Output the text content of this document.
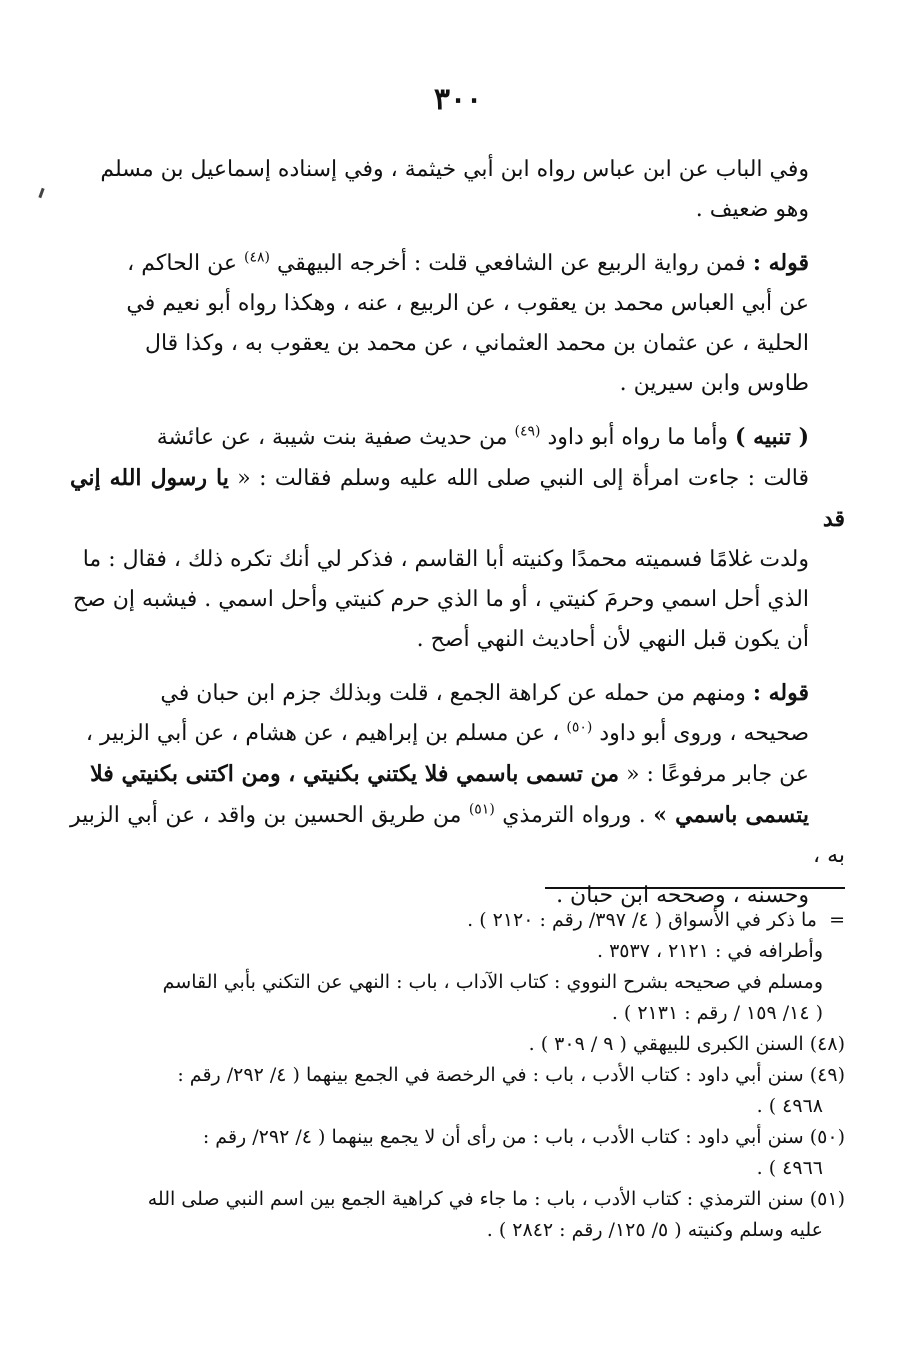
٣٠٠
وفي الباب عن ابن عباس رواه ابن أبي خيثمة ، وفي إسناده إسماعيل بن مسلم
وهو ضعيف .
قوله : فمن رواية الربيع عن الشافعي قلت : أخرجه البيهقي $^{(٤٨)}$ عن الحاكم ،
عن أبي العباس محمد بن يعقوب ، عن الربيع ، عنه ، وهكذا رواه أبو نعيم في
الحلية ، عن عثمان بن محمد العثماني ، عن محمد بن يعقوب به ، وكذا قال
طاوس وابن سيرين .
( تنبيه ) وأما ما رواه أبو داود $^{(٤٩)}$ من حديث صفية بنت شيبة ، عن عائشة
قالت : جاءت امرأة إلى النبي صلى الله عليه وسلم فقالت : « يا رسول الله إني قد
ولدت غلامًا فسميته محمدًا وكنيته أبا القاسم ، فذكر لي أنك تكره ذلك ، فقال : ما
الذي أحل اسمي وحرمَ كنيتي ، أو ما الذي حرم كنيتي وأحل اسمي . فيشبه إن صح
أن يكون قبل النهي لأن أحاديث النهي أصح .
قوله : ومنهم من حمله عن كراهة الجمع ، قلت وبذلك جزم ابن حبان في
صحيحه ، وروى أبو داود $^{(٥٠)}$ ، عن مسلم بن إبراهيم ، عن هشام ، عن أبي الزبير ،
عن جابر مرفوعًا : « من تسمى باسمي فلا يكتني بكنيتي ، ومن اكتنى بكنيتي فلا
يتسمى باسمي » . ورواه الترمذي $^{(٥١)}$ من طريق الحسين بن واقد ، عن أبي الزبير به ،
وحسنه ، وصححه ابن حبان .
= ما ذكر في الأسواق ( ٤/ ٣٩٧/ رقم : ٢١٢٠ ) .
وأطرافه في : ٢١٢١ ، ٣٥٣٧ .
ومسلم في صحيحه بشرح النووي : كتاب الآداب ، باب : النهي عن التكني بأبي القاسم
( ١٤/ ١٥٩ / رقم : ٢١٣١ ) .
(٤٨) السنن الكبرى للبيهقي ( ٩ / ٣٠٩ ) .
(٤٩) سنن أبي داود : كتاب الأدب ، باب : في الرخصة في الجمع بينهما ( ٤/ ٢٩٢/ رقم :
٤٩٦٨ ) .
(٥٠) سنن أبي داود : كتاب الأدب ، باب : من رأى أن لا يجمع بينهما ( ٤/ ٢٩٢/ رقم :
٤٩٦٦ ) .
(٥١) سنن الترمذي : كتاب الأدب ، باب : ما جاء في كراهية الجمع بين اسم النبي صلى الله
عليه وسلم وكنيته ( ٥/ ١٢٥/ رقم : ٢٨٤٢ ) .
